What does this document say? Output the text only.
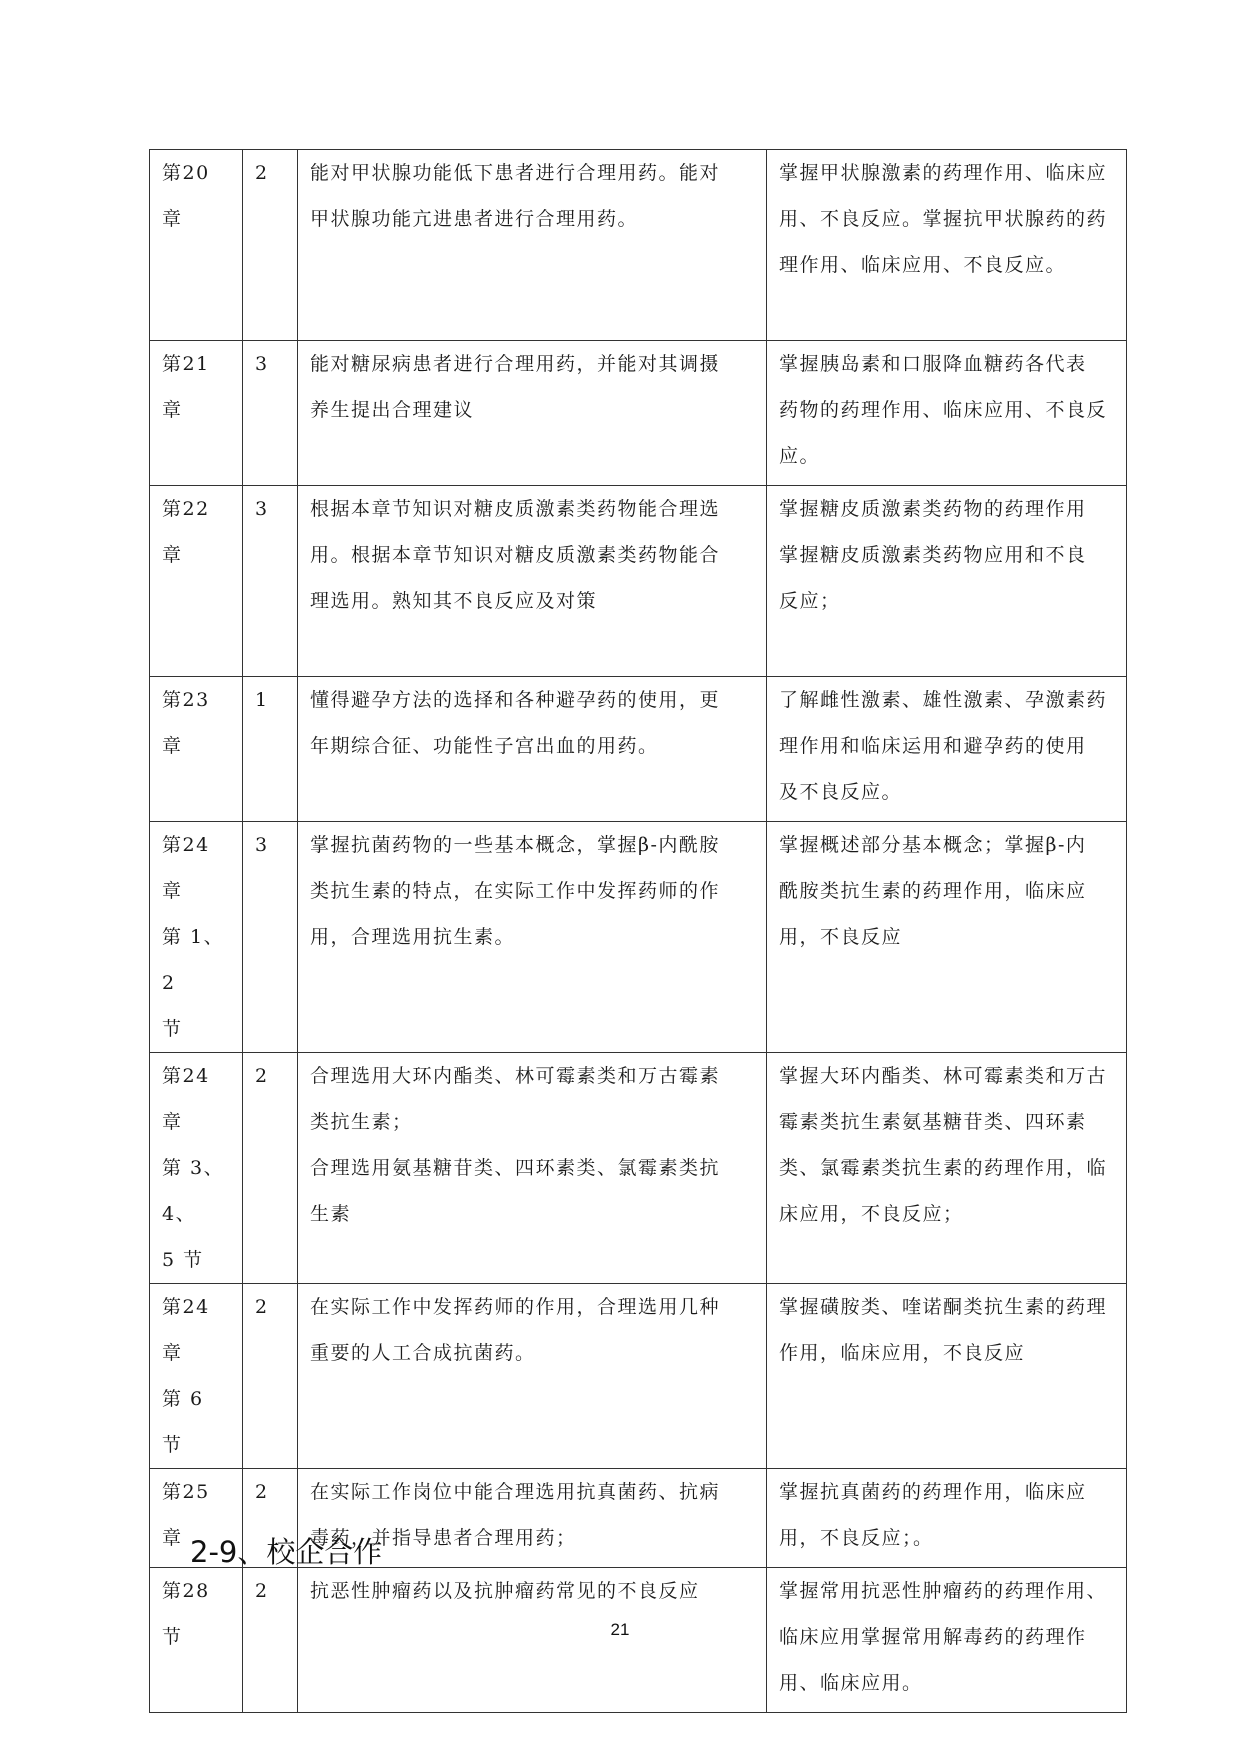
第20章	2	能对甲状腺功能低下患者进行合理用药。能对
甲状腺功能亢进患者进行合理用药。	掌握甲状腺激素的药理作用、临床应
用、不良反应。掌握抗甲状腺药的药
理作用、临床应用、不良反应。

第21章	3	能对糖尿病患者进行合理用药，并能对其调摄
养生提出合理建议	掌握胰岛素和口服降血糖药各代表
药物的药理作用、临床应用、不良反
应。

第22章	3	根据本章节知识对糖皮质激素类药物能合理选
用。根据本章节知识对糖皮质激素类药物能合
理选用。熟知其不良反应及对策	掌握糖皮质激素类药物的药理作用
掌握糖皮质激素类药物应用和不良
反应；

第23章	1	懂得避孕方法的选择和各种避孕药的使用，更
年期综合征、功能性子宫出血的用药。	了解雌性激素、雄性激素、孕激素药
理作用和临床运用和避孕药的使用
及不良反应。

第24章
第 1、2
节	3	掌握抗菌药物的一些基本概念，掌握β-内酰胺
类抗生素的特点，在实际工作中发挥药师的作
用，合理选用抗生素。	掌握概述部分基本概念；掌握β-内
酰胺类抗生素的药理作用，临床应
用，不良反应

第24章
第 3、4、
5 节	2	合理选用大环内酯类、林可霉素类和万古霉素
类抗生素；
合理选用氨基糖苷类、四环素类、氯霉素类抗
生素	掌握大环内酯类、林可霉素类和万古
霉素类抗生素氨基糖苷类、四环素
类、氯霉素类抗生素的药理作用，临
床应用，不良反应；

第24章
第 6 节	2	在实际工作中发挥药师的作用，合理选用几种
重要的人工合成抗菌药。	掌握磺胺类、喹诺酮类抗生素的药理
作用，临床应用，不良反应

第25章	2	在实际工作岗位中能合理选用抗真菌药、抗病
毒药，并指导患者合理用药；	掌握抗真菌药的药理作用，临床应
用，不良反应；。

第28节	2	抗恶性肿瘤药以及抗肿瘤药常见的不良反应	掌握常用抗恶性肿瘤药的药理作用、
临床应用掌握常用解毒药的药理作
用、临床应用。
2-9、校企合作
21
